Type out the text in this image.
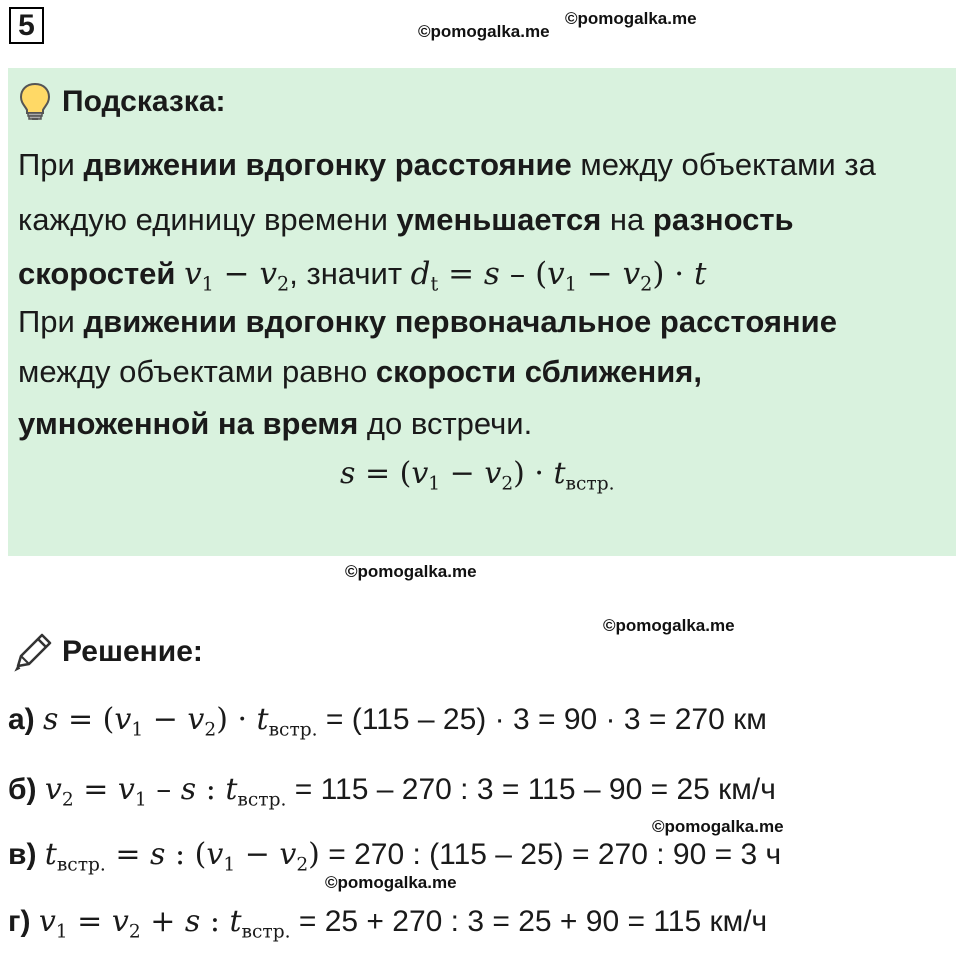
5	©pomogalka.me
©pomogalka.me
©pomogalka.me
©pomogalka.me
©pomogalka.me
©pomogalka.me
Подсказка:
При движении вдогонку расстояние между объектами за
каждую единицу времени уменьшается на разность
скоростей $v_1 - v_2$, значит $d_t = s - (v_1 - v_2) \cdot t$
При движении вдогонку первоначальное расстояние
между объектами равно скорости сближения,
умноженной на время до встречи.
$s = (v_1 - v_2) \cdot t_{встр.}$
Решение:
а) $s = (v_1 - v_2) \cdot t_{встр.} = (115 - 25) \cdot 3 = 90 \cdot 3 = 270$ км
б) $v_2 = v_1 - s$ : $t_{встр.} = 115 - 270$ : 3 = 115 – 90 = 25 км/ч
в) $t_{встр.} = s$ : $(v_1 - v_2) = 270$ : (115 – 25) = 270 : 90 = 3 ч
г) $v_1 = v_2 + s$ : $t_{встр.} = 25 + 270$ : 3 = 25 + 90 = 115 км/ч
